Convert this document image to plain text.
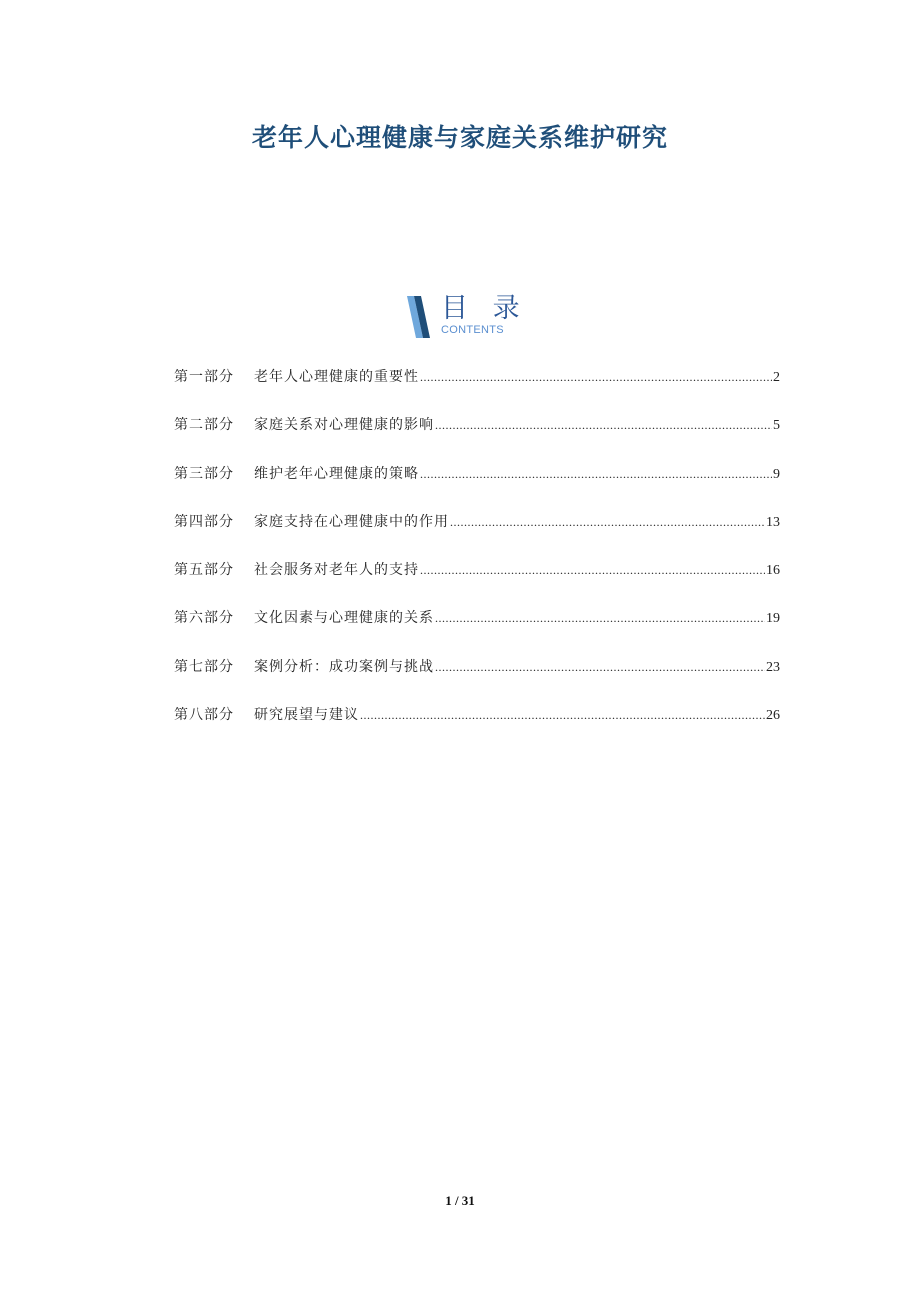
老年人心理健康与家庭关系维护研究
目 录
CONTENTS
第一部分	老年人心理健康的重要性 .....	2
第二部分	家庭关系对心理健康的影响 .....	5
第三部分	维护老年心理健康的策略 .....	9
第四部分	家庭支持在心理健康中的作用 .....	13
第五部分	社会服务对老年人的支持 .....	16
第六部分	文化因素与心理健康的关系 .....	19
第七部分	案例分析：成功案例与挑战 .....	23
第八部分	研究展望与建议 .....	26
1 / 31
